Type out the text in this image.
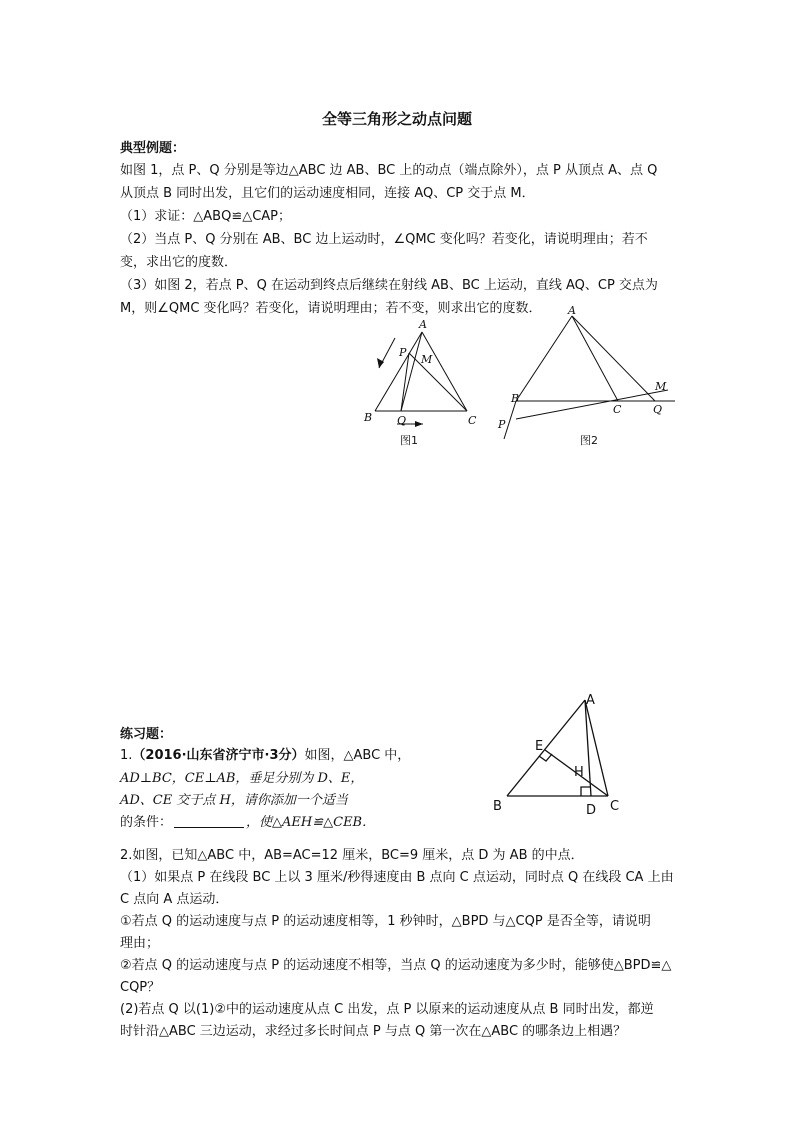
全等三角形之动点问题
典型例题：
如图 1，点 P、Q 分别是等边△ABC 边 AB、BC 上的动点（端点除外），点 P 从顶点 A、点 Q
从顶点 B 同时出发，且它们的运动速度相同，连接 AQ、CP 交于点 M．
（1）求证：△ABQ≌△CAP；
（2）当点 P、Q 分别在 AB、BC 边上运动时，∠QMC 变化吗？若变化，请说明理由；若不
变，求出它的度数．
（3）如图 2，若点 P、Q 在运动到终点后继续在射线 AB、BC 上运动，直线 AQ、CP 交点为
M，则∠QMC 变化吗？若变化，请说明理由；若不变，则求出它的度数．
A
P
M
B Q	C
图1
A
B
C	Q
M
P
图2
练习题：
1.（2016·山东省济宁市·3分）如图，△ABC 中，
AD⊥BC，CE⊥AB，垂足分别为 D、E，
AD、CE 交于点 H，请你添加一个适当
的条件：	，使△AEH≌△CEB．
A
E
H
B	D C
2.如图，已知△ABC 中，AB=AC=12 厘米，BC=9 厘米，点 D 为 AB 的中点．
（1）如果点 P 在线段 BC 上以 3 厘米/秒得速度由 B 点向 C 点运动，同时点 Q 在线段 CA 上由
C 点向 A 点运动．
①若点 Q 的运动速度与点 P 的运动速度相等，1 秒钟时，△BPD 与△CQP 是否全等，请说明
理由；
②若点 Q 的运动速度与点 P 的运动速度不相等，当点 Q 的运动速度为多少时，能够使△BPD≌△
CQP？
(2)若点 Q 以(1)②中的运动速度从点 C 出发，点 P 以原来的运动速度从点 B 同时出发，都逆
时针沿△ABC 三边运动，求经过多长时间点 P 与点 Q 第一次在△ABC 的哪条边上相遇？
